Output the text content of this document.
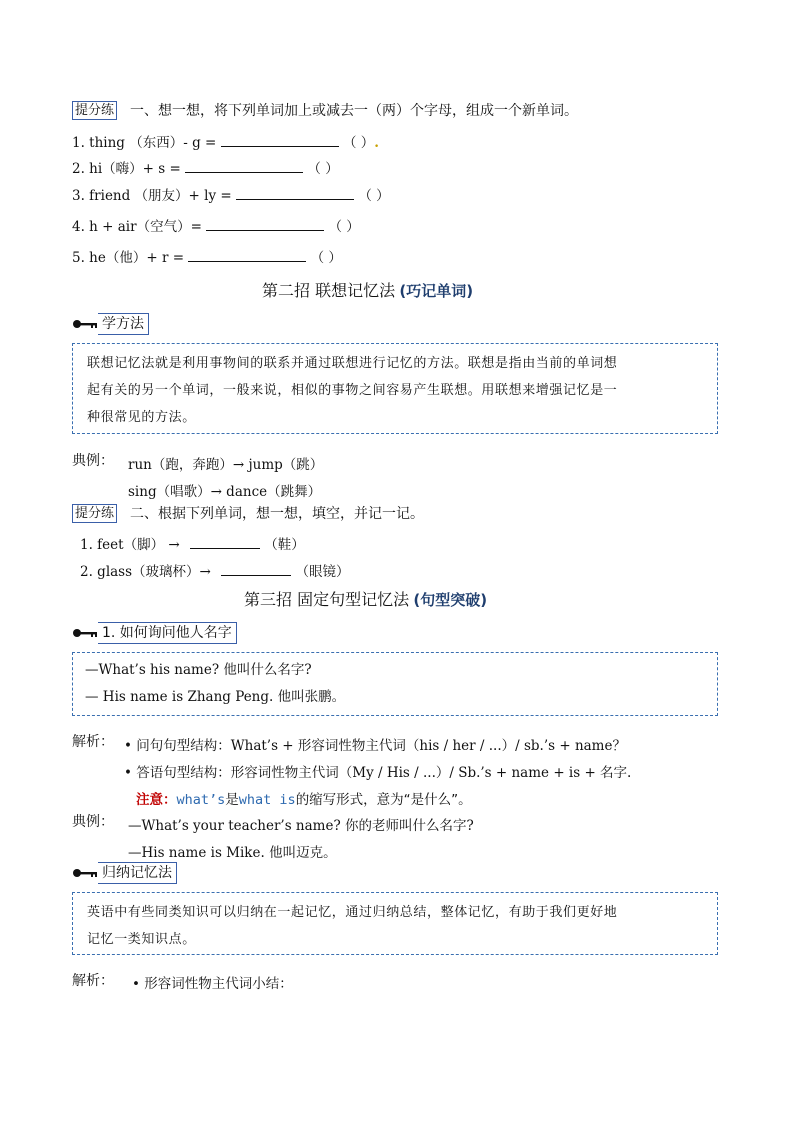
提分练 一、想一想，将下列单词加上或减去一（两）个字母，组成一个新单词。
1. thing （东西）- g =	（ ）.
2. hi（嗨）+ s =	（ ）
3. friend （朋友）+ ly =	（ ）
4. h + air（空气）=	（ ）
5. he（他）+ r =	（ ）
第二招 联想记忆法 (巧记单词)
学方法
联想记忆法就是利用事物间的联系并通过联想进行记忆的方法。联想是指由当前的单词想
起有关的另一个单词，一般来说，相似的事物之间容易产生联想。用联想来增强记忆是一
种很常见的方法。
典例： run（跑，奔跑）→ jump（跳）
sing（唱歌）→ dance（跳舞）
提分练 二、根据下列单词，想一想，填空，并记一记。
1. feet（脚） →	（鞋）
2. glass（玻璃杯）→	（眼镜）
第三招 固定句型记忆法 (句型突破)
1. 如何询问他人名字
—What’s his name? 他叫什么名字?
— His name is Zhang Peng. 他叫张鹏。
解析： • 问句句型结构：What’s + 形容词性物主代词（his / her / ...）/ sb.’s + name？
• 答语句型结构：形容词性物主代词（My / His / ...）/ Sb.’s + name + is + 名字.
注意：what’s是what is的缩写形式，意为“是什么”。
典例： —What’s your teacher’s name? 你的老师叫什么名字?
—His name is Mike. 他叫迈克。
归纳记忆法
英语中有些同类知识可以归纳在一起记忆，通过归纳总结，整体记忆，有助于我们更好地
记忆一类知识点。
解析： • 形容词性物主代词小结：
